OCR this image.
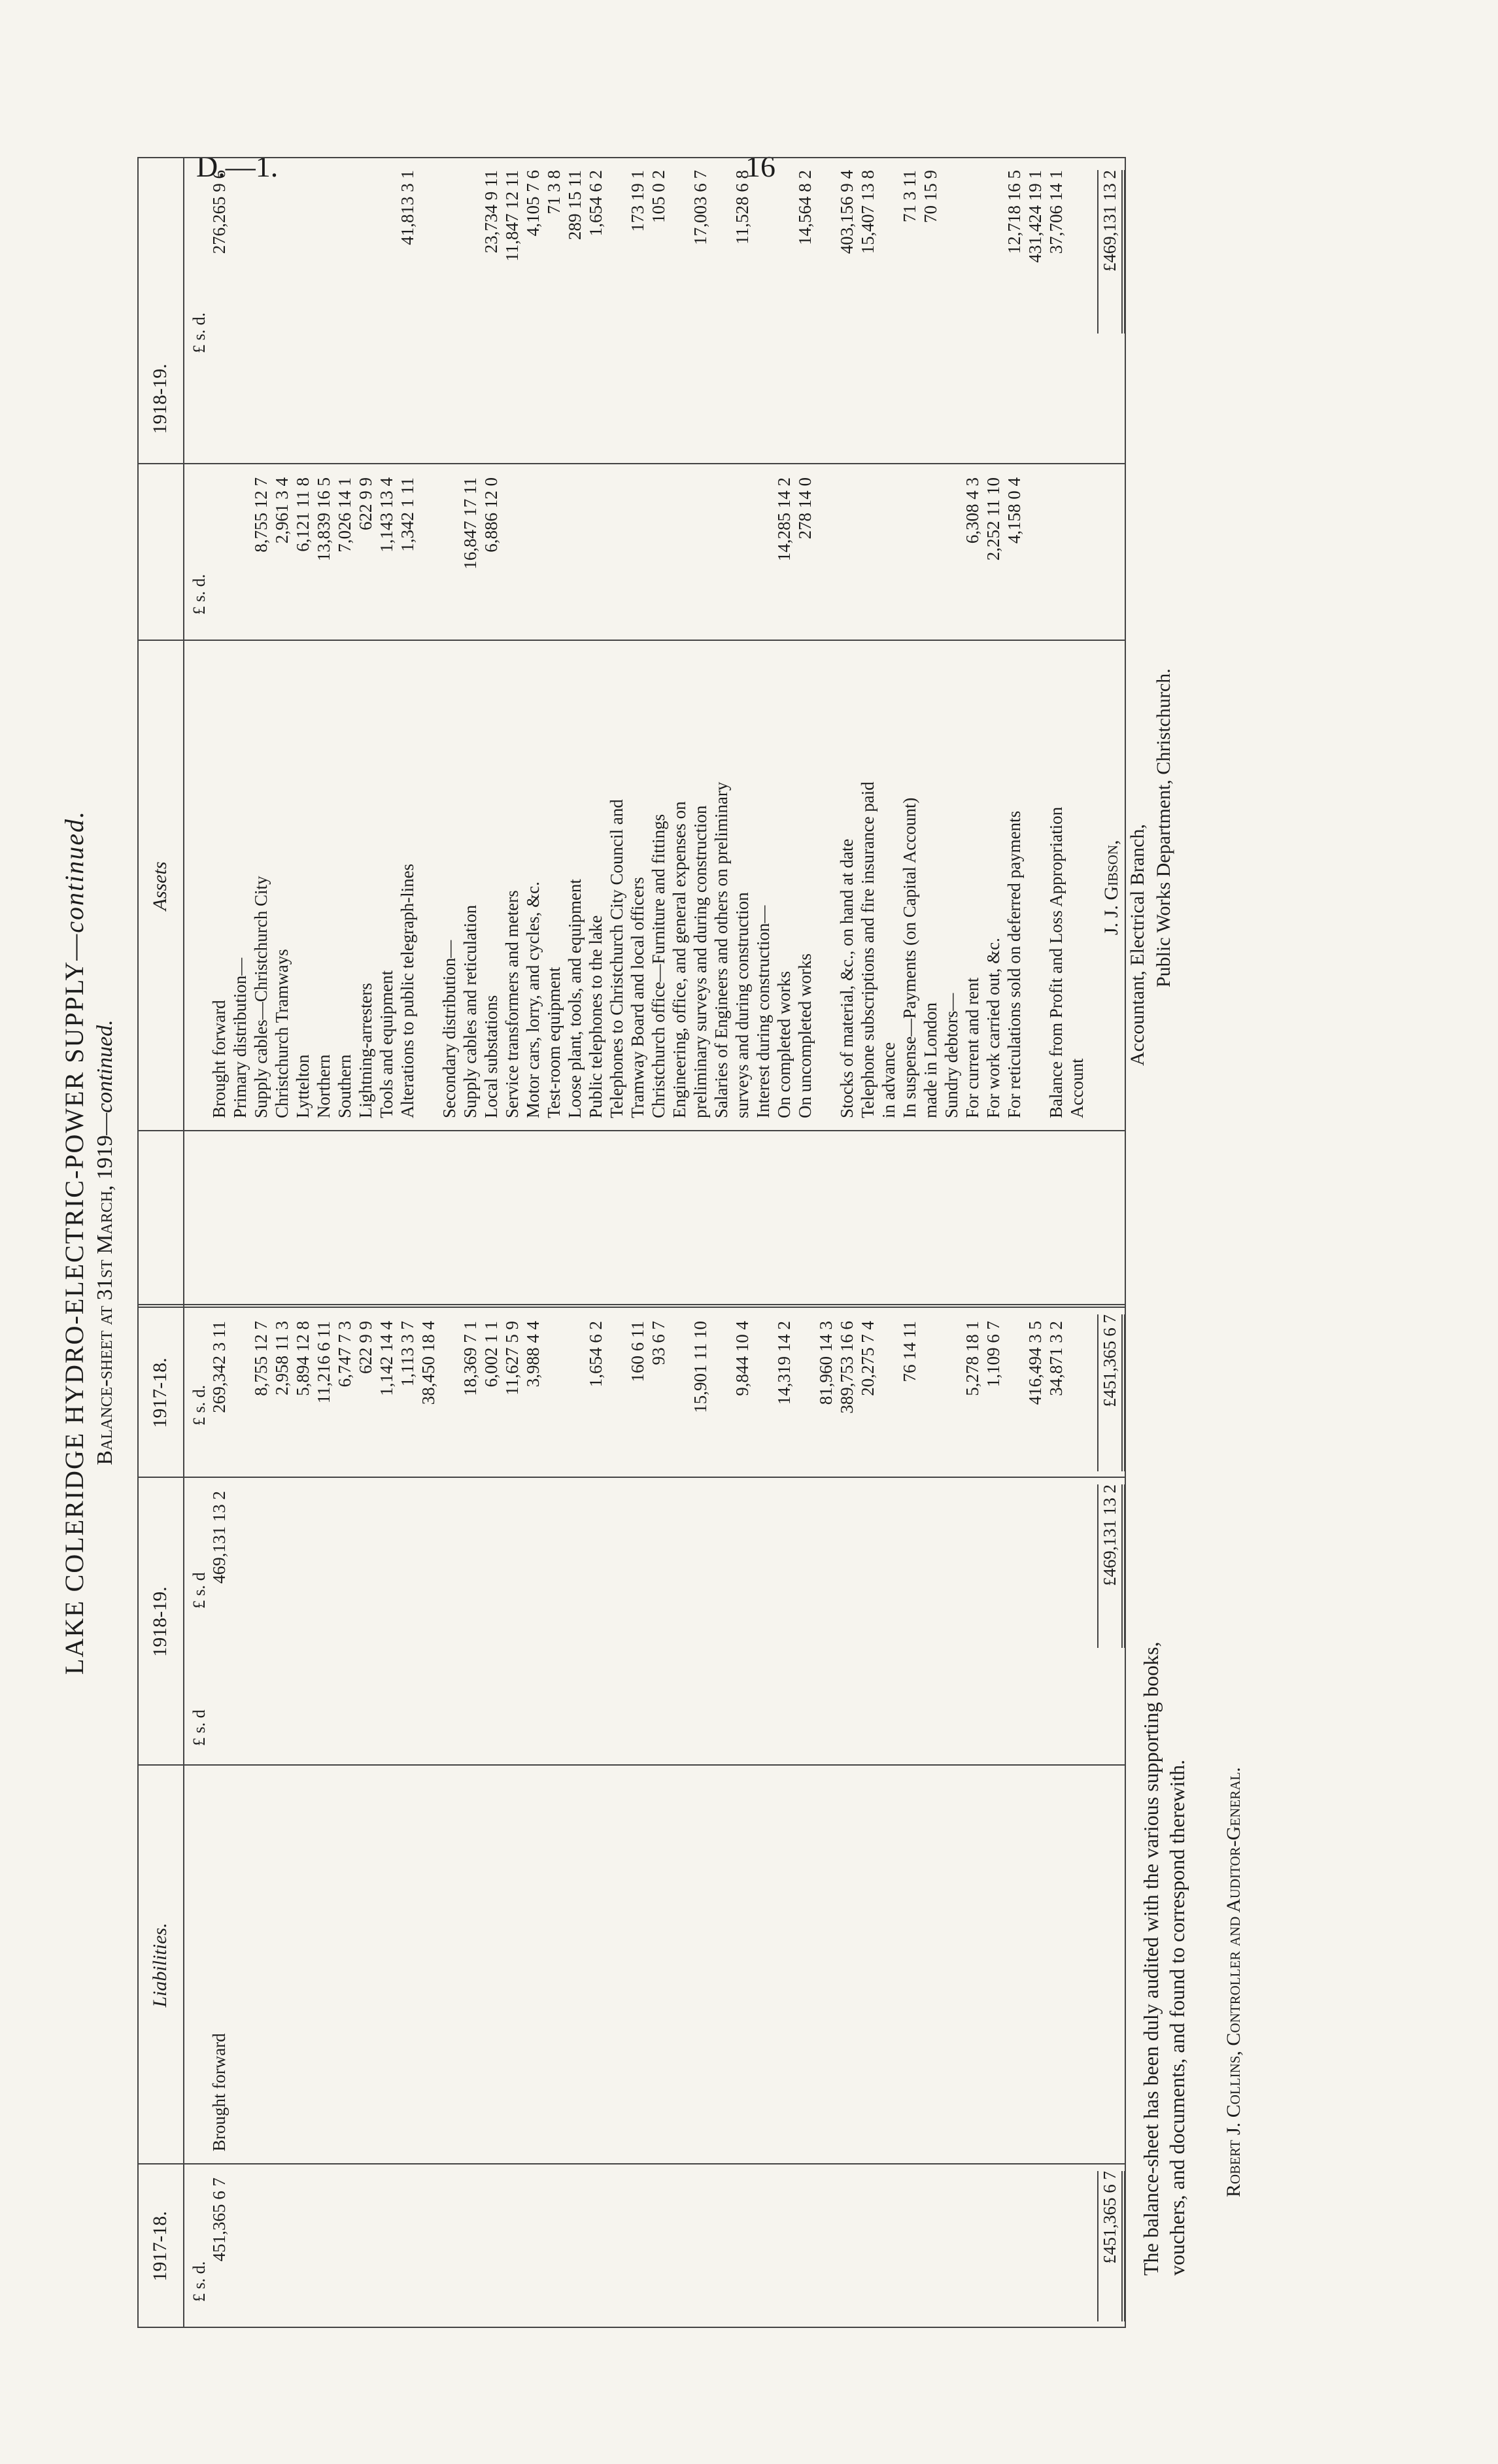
D.—1.	16
LAKE COLERIDGE HYDRO-ELECTRIC-POWER SUPPLY—continued.
Balance-sheet at 31st March, 1919—continued.
1917-18.
Liabilities.
1918-19.
1917-18.
Assets
1918-19.
£ s. d.
£ s. d
£ s. d
£ s. d.
£ s. d.
£ s. d.
451,365 6 7
Brought forward
469,131 13 2
£451,365 6 7
£469,131 13 2
269,342 3 11
Brought forward
276,265 9 6
Primary distribution—
8,755 12 7
Supply cables—Christchurch City
8,755 12 7
2,958 11 3
Christchurch Tramways
2,961 3 4
5,894 12 8
Lyttelton
6,121 11 8
11,216 6 11
Northern
13,839 16 5
6,747 7 3
Southern
7,026 14 1
622 9 9
Lightning-arresters
622 9 9
1,142 14 4
Tools and equipment
1,143 13 4
1,113 3 7
Alterations to public telegraph-lines
1,342 1 11
41,813 3 1
38,450 18 4
Secondary distribution—
18,369 7 1
Supply cables and reticulation
16,847 17 11
6,002 1 1
Local substations
6,886 12 0
23,734 9 11
11,627 5 9
Service transformers and meters
11,847 12 11
3,988 4 4
Motor cars, lorry, and cycles, &c.
4,105 7 6
Test-room equipment
71 3 8
Loose plant, tools, and equipment
289 15 11
1,654 6 2
Public telephones to the lake
1,654 6 2
Telephones to Christchurch City Council and
160 6 11
Tramway Board and local officers
173 19 1
93 6 7
Christchurch office—Furniture and fittings
105 0 2
Engineering, office, and general expenses on
15,901 11 10
preliminary surveys and during construction
17,003 6 7
Salaries of Engineers and others on preliminary
9,844 10 4
surveys and during construction
11,528 6 8
Interest during construction—
14,319 14 2
On completed works
14,285 14 2
On uncompleted works
278 14 0
14,564 8 2
81,960 14 3 389,753 16 6
Stocks of material, &c., on hand at date
403,156 9 4
20,275 7 4
Telephone subscriptions and fire insurance paid
15,407 13 8
in advance
76 14 11
In suspense—Payments (on Capital Account)
71 3 11
made in London
70 15 9
Sundry debtors—
5,278 18 1
For current and rent
6,308 4 3
1,109 6 7
For work carried out, &c.
2,252 11 10
For reticulations sold on deferred payments
4,158 0 4
12,718 16 5
416,494 3 5
431,424 19 1
34,871 3 2
Balance from Profit and Loss Appropriation
37,706 14 1
Account
£451,365 6 7
£469,131 13 2
The balance-sheet has been duly audited with the various supporting books, vouchers, and documents, and found to correspond therewith. Robert J. Collins, Controller and Auditor-General.
J. J. Gibson, Accountant, Electrical Branch, Public Works Department, Christchurch.
